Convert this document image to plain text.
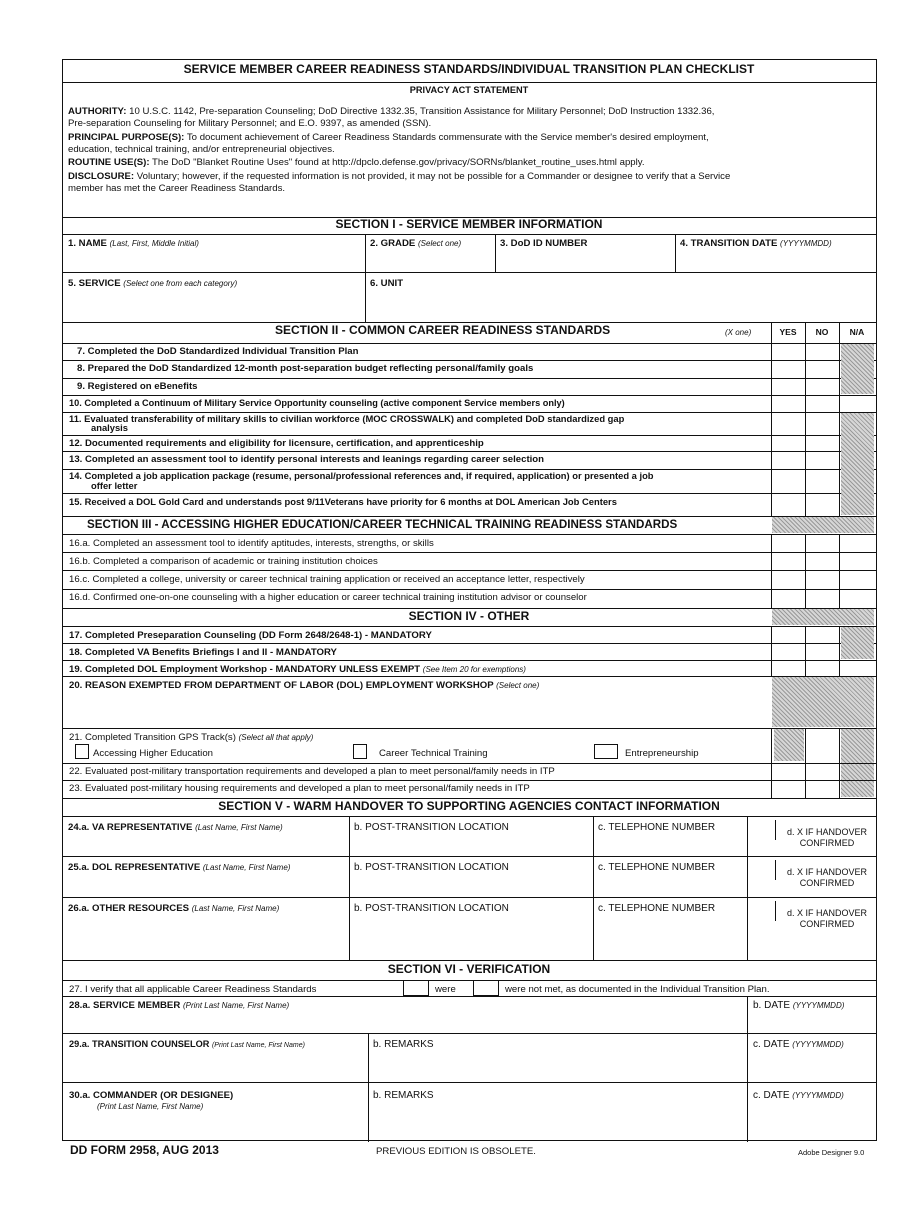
SERVICE MEMBER CAREER READINESS STANDARDS/INDIVIDUAL TRANSITION PLAN CHECKLIST
PRIVACY ACT STATEMENT
AUTHORITY: 10 U.S.C. 1142, Pre-separation Counseling; DoD Directive 1332.35, Transition Assistance for Military Personnel; DoD Instruction 1332.36,
Pre-separation Counseling for Military Personnel; and E.O. 9397, as amended (SSN).
PRINCIPAL PURPOSE(S): To document achievement of Career Readiness Standards commensurate with the Service member's desired employment,
education, technical training, and/or entrepreneurial objectives.
ROUTINE USE(S): The DoD "Blanket Routine Uses" found at http://dpclo.defense.gov/privacy/SORNs/blanket_routine_uses.html apply.
DISCLOSURE: Voluntary; however, if the requested information is not provided, it may not be possible for a Commander or designee to verify that a Service
member has met the Career Readiness Standards.
SECTION I - SERVICE MEMBER INFORMATION
1. NAME (Last, First, Middle Initial)	2. GRADE (Select one)	3. DoD ID NUMBER	4. TRANSITION DATE (YYYYMMDD)
5. SERVICE (Select one from each category)	6. UNIT
SECTION II - COMMON CAREER READINESS STANDARDS	(X one)	YES	NO	N/A
7. Completed the DoD Standardized Individual Transition Plan
8. Prepared the DoD Standardized 12-month post-separation budget reflecting personal/family goals
9. Registered on eBenefits
10. Completed a Continuum of Military Service Opportunity counseling (active component Service members only)
11. Evaluated transferability of military skills to civilian workforce (MOC CROSSWALK) and completed DoD standardized gap
analysis
12. Documented requirements and eligibility for licensure, certification, and apprenticeship
13. Completed an assessment tool to identify personal interests and leanings regarding career selection
14. Completed a job application package (resume, personal/professional references and, if required, application) or presented a job
offer letter
15. Received a DOL Gold Card and understands post 9/11Veterans have priority for 6 months at DOL American Job Centers
SECTION III - ACCESSING HIGHER EDUCATION/CAREER TECHNICAL TRAINING READINESS STANDARDS
16.a. Completed an assessment tool to identify aptitudes, interests, strengths, or skills
16.b. Completed a comparison of academic or training institution choices
16.c. Completed a college, university or career technical training application or received an acceptance letter, respectively
16.d. Confirmed one-on-one counseling with a higher education or career technical training institution advisor or counselor
SECTION IV - OTHER
17. Completed Preseparation Counseling (DD Form 2648/2648-1) - MANDATORY
18. Completed VA Benefits Briefings I and II - MANDATORY
19. Completed DOL Employment Workshop - MANDATORY UNLESS EXEMPT (See Item 20 for exemptions)
20. REASON EXEMPTED FROM DEPARTMENT OF LABOR (DOL) EMPLOYMENT WORKSHOP (Select one)
21. Completed Transition GPS Track(s) (Select all that apply)
Accessing Higher Education	Career Technical Training	Entrepreneurship
22. Evaluated post-military transportation requirements and developed a plan to meet personal/family needs in ITP
23. Evaluated post-military housing requirements and developed a plan to meet personal/family needs in ITP
SECTION V - WARM HANDOVER TO SUPPORTING AGENCIES CONTACT INFORMATION
24.a. VA REPRESENTATIVE (Last Name, First Name)	b. POST-TRANSITION LOCATION	c. TELEPHONE NUMBER	d. X IF HANDOVER
CONFIRMED
25.a. DOL REPRESENTATIVE (Last Name, First Name)	b. POST-TRANSITION LOCATION	c. TELEPHONE NUMBER	d. X IF HANDOVER
CONFIRMED
26.a. OTHER RESOURCES (Last Name, First Name)	b. POST-TRANSITION LOCATION	c. TELEPHONE NUMBER	d. X IF HANDOVER
CONFIRMED
SECTION VI - VERIFICATION
27. I verify that all applicable Career Readiness Standards	were	were not met, as documented in the Individual Transition Plan.
28.a. SERVICE MEMBER (Print Last Name, First Name)	b. DATE (YYYYMMDD)
29.a. TRANSITION COUNSELOR (Print Last Name, First Name)	b. REMARKS	c. DATE (YYYYMMDD)
30.a. COMMANDER (OR DESIGNEE)
(Print Last Name, First Name)
b. REMARKS	c. DATE (YYYYMMDD)
DD FORM 2958, AUG 2013	PREVIOUS EDITION IS OBSOLETE.	Adobe Designer 9.0
